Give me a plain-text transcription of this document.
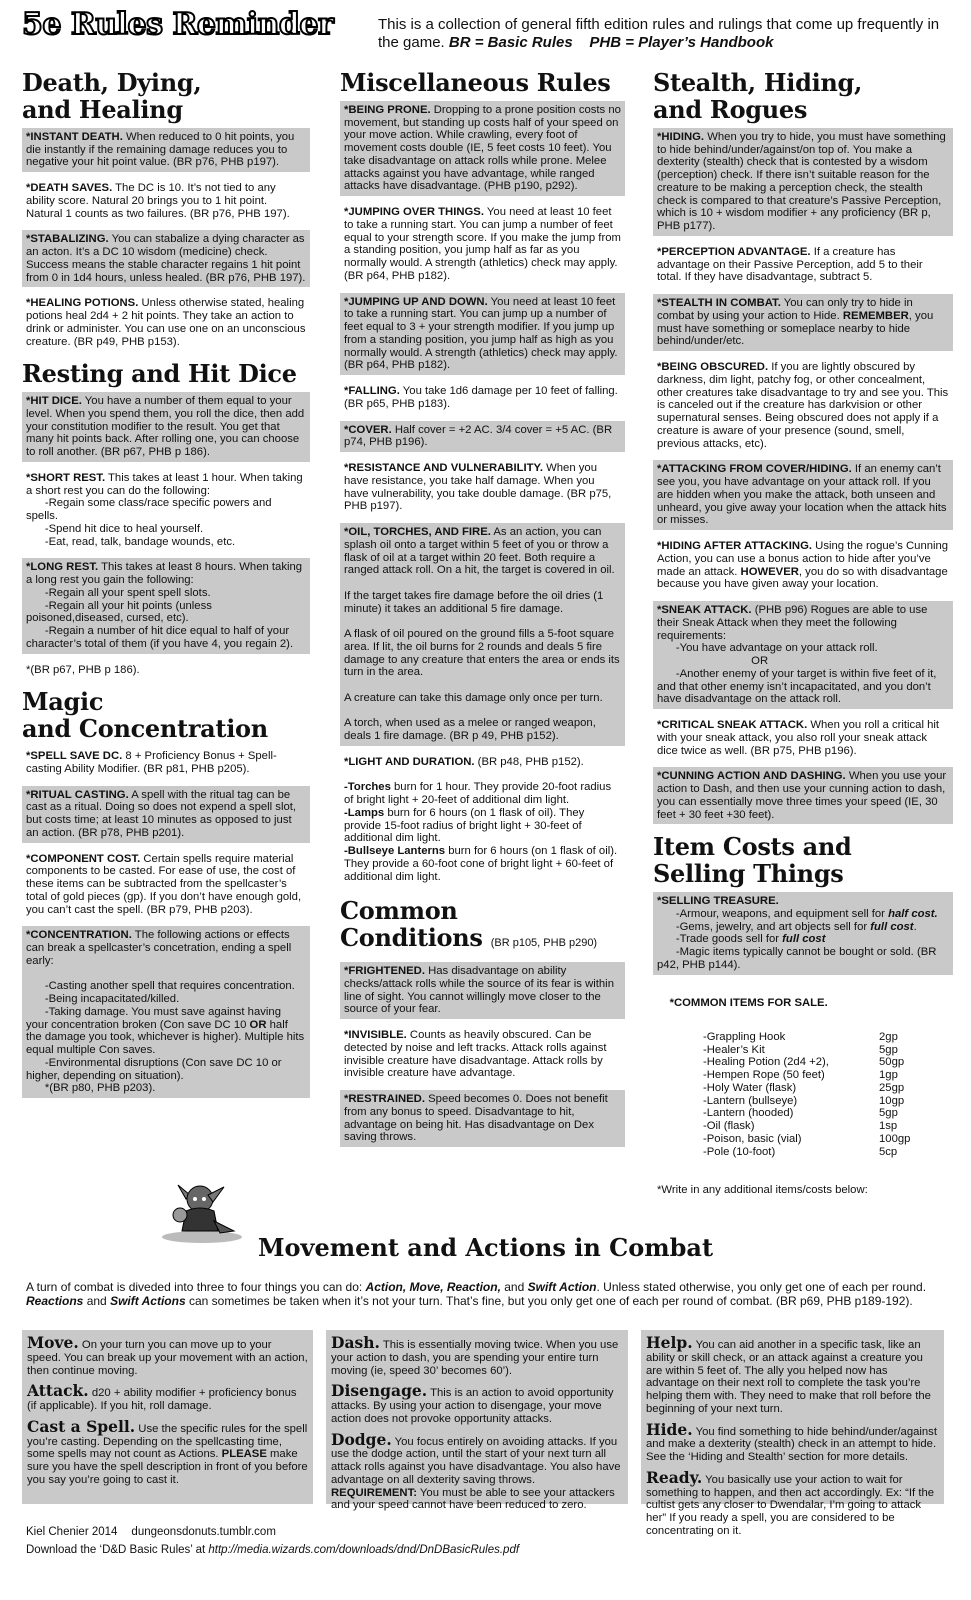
5e Rules Reminder	This is a collection of general fifth edition rules and rulings that come up frequently in the game. BR = Basic Rules PHB = Player’s Handbook
Death, Dying,
and Healing
*INSTANT DEATH. When reduced to 0 hit points, you die instantly if the remaining damage reduces you to negative your hit point value. (BR p76, PHB p197).
*DEATH SAVES. The DC is 10. It’s not tied to any ability score. Natural 20 brings you to 1 hit point. Natural 1 counts as two failures. (BR p76, PHB 197).
*STABALIZING. You can stabalize a dying character as an acton. It’s a DC 10 wisdom (medicine) check. Success means the stable character regains 1 hit point from 0 in 1d4 hours, unless healed. (BR p76, PHB 197).
*HEALING POTIONS. Unless otherwise stated, healing potions heal 2d4 + 2 hit points. They take an action to drink or administer. You can use one on an unconscious creature. (BR p49, PHB p153).
Resting and Hit Dice
*HIT DICE. You have a number of them equal to your level. When you spend them, you roll the dice, then add your constitution modifier to the result. You get that many hit points back. After rolling one, you can choose to roll another. (BR p67, PHB p 186).
*SHORT REST. This takes at least 1 hour. When taking a short rest you can do the following:
-Regain some class/race specific powers and spells.
-Spend hit dice to heal yourself.
-Eat, read, talk, bandage wounds, etc.
*LONG REST. This takes at least 8 hours. When taking a long rest you gain the following:
-Regain all your spent spell slots.
-Regain all your hit points (unless poisoned,diseased, cursed, etc).
-Regain a number of hit dice equal to half of your character’s total of them (if you have 4, you regain 2).
*(BR p67, PHB p 186).
Magic
and Concentration
*SPELL SAVE DC. 8 + Proficiency Bonus + Spell-casting Ability Modifier. (BR p81, PHB p205).
*RITUAL CASTING. A spell with the ritual tag can be cast as a ritual. Doing so does not expend a spell slot, but costs time; at least 10 minutes as opposed to just an action. (BR p78, PHB p201).
*COMPONENT COST. Certain spells require material components to be casted. For ease of use, the cost of these items can be subtracted from the spellcaster’s total of gold pieces (gp). If you don’t have enough gold, you can’t cast the spell. (BR p79, PHB p203).
*CONCENTRATION. The following actions or effects can break a spellcaster’s concetration, ending a spell early:

-Casting another spell that requires concentration.
-Being incapacitated/killed.
-Taking damage. You must save against having your concentration broken (Con save DC 10 OR half the damage you took, whichever is higher). Multiple hits equal multiple Con saves.
-Environmental disruptions (Con save DC 10 or higher, depending on situation).
*(BR p80, PHB p203).
Miscellaneous Rules
*BEING PRONE. Dropping to a prone position costs no movement, but standing up costs half of your speed on your move action. While crawling, every foot of movement costs double (IE, 5 feet costs 10 feet). You take disadvantage on attack rolls while prone. Melee attacks against you have advantage, while ranged attacks have disadvantage. (PHB p190, p292).
*JUMPING OVER THINGS. You need at least 10 feet to take a running start. You can jump a number of feet equal to your strength score. If you make the jump from a standing position, you jump half as far as you normally would. A strength (athletics) check may apply. (BR p64, PHB p182).
*JUMPING UP AND DOWN. You need at least 10 feet to take a running start. You can jump up a number of feet equal to 3 + your strength modifier. If you jump up from a standing position, you jump half as high as you normally would. A strength (athletics) check may apply. (BR p64, PHB p182).
*FALLING. You take 1d6 damage per 10 feet of falling. (BR p65, PHB p183).
*COVER. Half cover = +2 AC. 3/4 cover = +5 AC. (BR p74, PHB p196).
*RESISTANCE AND VULNERABILITY. When you have resistance, you take half damage. When you have vulnerability, you take double damage. (BR p75, PHB p197).
*OIL, TORCHES, AND FIRE. As an action, you can splash oil onto a target within 5 feet of you or throw a flask of oil at a target within 20 feet. Both require a ranged attack roll. On a hit, the target is covered in oil.

If the target takes fire damage before the oil dries (1 minute) it takes an additional 5 fire damage.

A flask of oil poured on the ground fills a 5-foot square area. If lit, the oil burns for 2 rounds and deals 5 fire damage to any creature that enters the area or ends its turn in the area.

A creature can take this damage only once per turn.

A torch, when used as a melee or ranged weapon, deals 1 fire damage. (BR p 49, PHB p152).
*LIGHT AND DURATION. (BR p48, PHB p152).

-Torches burn for 1 hour. They provide 20-foot radius of bright light + 20-feet of additional dim light.
-Lamps burn for 6 hours (on 1 flask of oil). They provide 15-foot radius of bright light + 30-feet of additional dim light.
-Bullseye Lanterns burn for 6 hours (on 1 flask of oil). They provide a 60-foot cone of bright light + 60-feet of additional dim light.
Common
Conditions (BR p105, PHB p290)
*FRIGHTENED. Has disadvantage on ability checks/attack rolls while the source of its fear is within line of sight. You cannot willingly move closer to the source of your fear.
*INVISIBLE. Counts as heavily obscured. Can be detected by noise and left tracks. Attack rolls against invisible creature have disadvantage. Attack rolls by invisible creature have advantage.
*RESTRAINED. Speed becomes 0. Does not benefit from any bonus to speed. Disadvantage to hit, advantage on being hit. Has disadvantage on Dex saving throws.
Stealth, Hiding,
and Rogues
*HIDING. When you try to hide, you must have something to hide behind/under/against/on top of. You make a dexterity (stealth) check that is contested by a wisdom (perception) check. If there isn’t suitable reason for the creature to be making a perception check, the stealth check is compared to that creature’s Passive Perception, which is 10 + wisdom modifier + any proficiency (BR p, PHB p177).
*PERCEPTION ADVANTAGE. If a creature has advantage on their Passive Perception, add 5 to their total. If they have disadvantage, subtract 5.
*STEALTH IN COMBAT. You can only try to hide in combat by using your action to Hide. REMEMBER, you must have something or someplace nearby to hide behind/under/etc.
*BEING OBSCURED. If you are lightly obscured by darkness, dim light, patchy fog, or other concealment, other creatures take disadvantage to try and see you. This is canceled out if the creature has darkvision or other supernatural senses. Being obscured does not apply if a creature is aware of your presence (sound, smell, previous attacks, etc).
*ATTACKING FROM COVER/HIDING. If an enemy can’t see you, you have advantage on your attack roll. If you are hidden when you make the attack, both unseen and unheard, you give away your location when the attack hits or misses.
*HIDING AFTER ATTACKING. Using the rogue’s Cunning Action, you can use a bonus action to hide after you’ve made an attack. HOWEVER, you do so with disadvantage because you have given away your location.
*SNEAK ATTACK. (PHB p96) Rogues are able to use their Sneak Attack when they meet the following requirements:
-You have advantage on your attack roll.
OR
-Another enemy of your target is within five feet of it, and that other enemy isn’t incapacitated, and you don’t have disadvantage on the attack roll.
*CRITICAL SNEAK ATTACK. When you roll a critical hit with your sneak attack, you also roll your sneak attack dice twice as well. (BR p75, PHB p196).
*CUNNING ACTION AND DASHING. When you use your action to Dash, and then use your cunning action to dash, you can essentially move three times your speed (IE, 30 feet + 30 feet +30 feet).
Item Costs and
Selling Things
*SELLING TREASURE.
-Armour, weapons, and equipment sell for half cost.
-Gems, jewelry, and art objects sell for full cost.
-Trade goods sell for full cost
-Magic items typically cannot be bought or sold. (BR p42, PHB p144).

*COMMON ITEMS FOR SALE.

-Grappling Hook	2gp
-Healer’s Kit	5gp
-Healing Potion (2d4 +2),	50gp
-Hempen Rope (50 feet)	1gp
-Holy Water (flask)	25gp
-Lantern (bullseye)	10gp
-Lantern (hooded)	5gp
-Oil (flask)	1sp
-Poison, basic (vial)	100gp
-Pole (10-foot)	5cp

*Write in any additional items/costs below:

Movement and Actions in Combat
A turn of combat is diveded into three to four things you can do: Action, Move, Reaction, and Swift Action. Unless stated otherwise, you only get one of each per round. Reactions and Swift Actions can sometimes be taken when it’s not your turn. That’s fine, but you only get one of each per round of combat. (BR p69, PHB p189-192).
Move. On your turn you can move up to your speed. You can break up your movement with an action, then continue moving.
Attack. d20 + ability modifier + proficiency bonus (if applicable). If you hit, roll damage.
Cast a Spell. Use the specific rules for the spell you’re casting. Depending on the spellcasting time, some spells may not count as Actions. PLEASE make sure you have the spell description in front of you before you say you’re going to cast it.
Dash. This is essentially moving twice. When you use your action to dash, you are spending your entire turn moving (ie, speed 30’ becomes 60’).
Disengage. This is an action to avoid opportunity attacks. By using your action to disengage, your move action does not provoke opportunity attacks.
Dodge. You focus entirely on avoiding attacks. If you use the dodge action, until the start of your next turn all attack rolls against you have disadvantage. You also have advantage on all dexterity saving throws. REQUIREMENT: You must be able to see your attackers and your speed cannot have been reduced to zero.
Help. You can aid another in a specific task, like an ability or skill check, or an attack against a creature you are within 5 feet of. The ally you helped now has advantage on their next roll to complete the task you’re helping them with. They need to make that roll before the beginning of your next turn.
Hide. You find something to hide behind/under/against and make a dexterity (stealth) check in an attempt to hide. See the ‘Hiding and Stealth’ section for more details.
Ready. You basically use your action to wait for something to happen, and then act accordingly. Ex: “If the cultist gets any closer to Dwendalar, I’m going to attack her” If you ready a spell, you are considered to be concentrating on it.
Kiel Chenier 2014 dungeonsdonuts.tumblr.com
Download the ‘D&D Basic Rules’ at http://media.wizards.com/downloads/dnd/DnDBasicRules.pdf
